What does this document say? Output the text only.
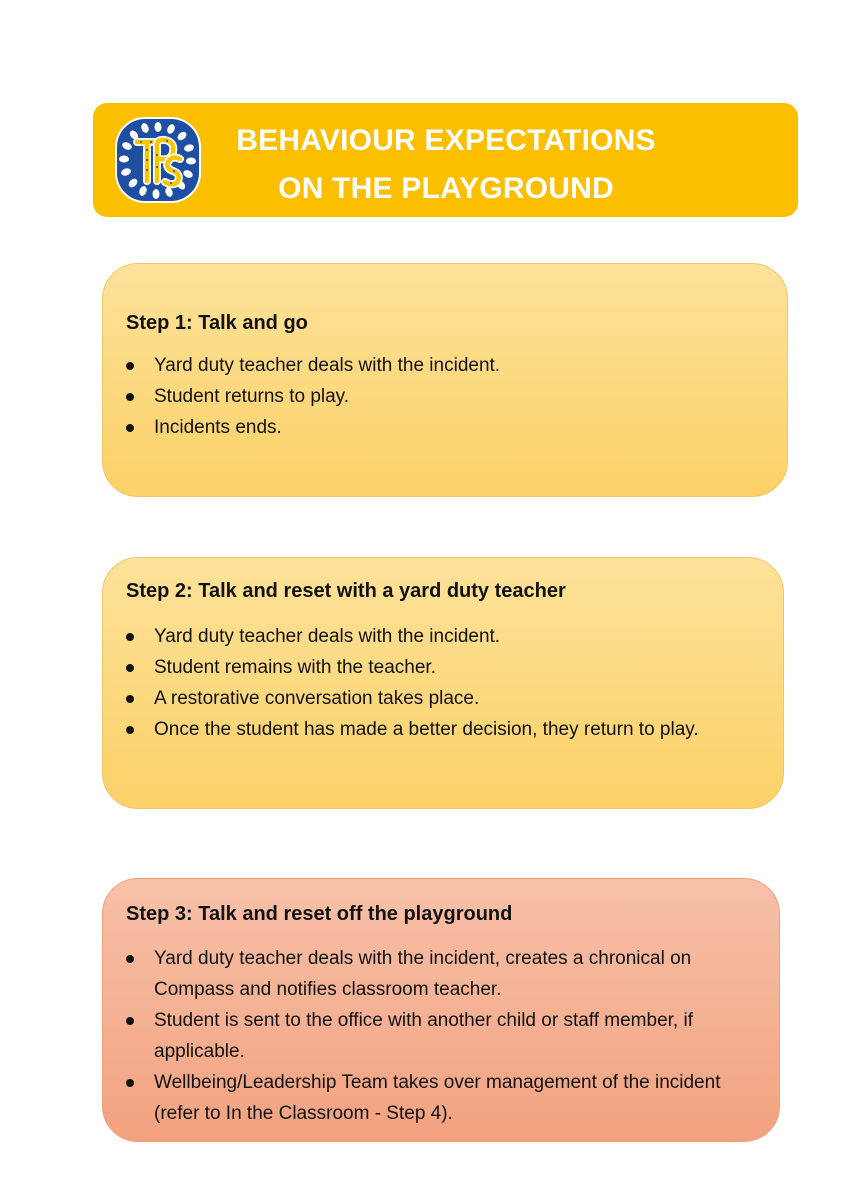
BEHAVIOUR EXPECTATIONS
ON THE PLAYGROUND
Step 1: Talk and go
Yard duty teacher deals with the incident.
Student returns to play.
Incidents ends.
Step 2: Talk and reset with a yard duty teacher
Yard duty teacher deals with the incident.
Student remains with the teacher.
A restorative conversation takes place.
Once the student has made a better decision, they return to play.
Step 3: Talk and reset off the playground
Yard duty teacher deals with the incident, creates a chronical on Compass and notifies classroom teacher.
Student is sent to the office with another child or staff member, if applicable.
Wellbeing/Leadership Team takes over management of the incident (refer to In the Classroom - Step 4).
